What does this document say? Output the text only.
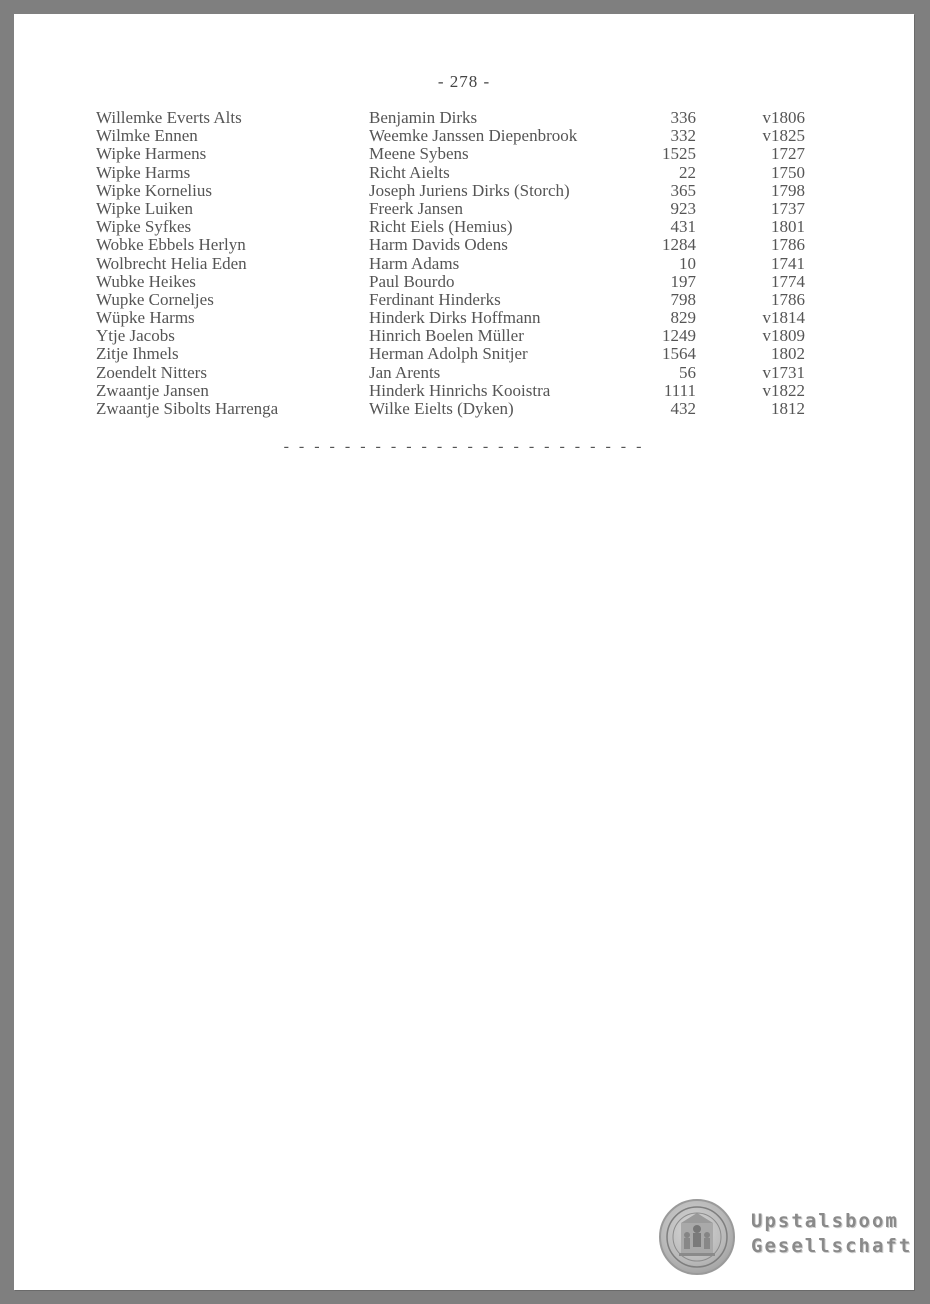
- 278 -
Willemke Everts Alts	Benjamin Dirks	336	v1806
Wilmke Ennen	Weemke Janssen Diepenbrook	332	v1825
Wipke Harmens	Meene Sybens	1525	1727
Wipke Harms	Richt Aielts	22	1750
Wipke Kornelius	Joseph Juriens Dirks (Storch)	365	1798
Wipke Luiken	Freerk Jansen	923	1737
Wipke Syfkes	Richt Eiels (Hemius)	431	1801
Wobke Ebbels Herlyn	Harm Davids Odens	1284	1786
Wolbrecht Helia Eden	Harm Adams	10	1741
Wubke Heikes	Paul Bourdo	197	1774
Wupke Corneljes	Ferdinant Hinderks	798	1786
Wüpke Harms	Hinderk Dirks Hoffmann	829	v1814
Ytje Jacobs	Hinrich Boelen Müller	1249	v1809
Zitje Ihmels	Herman Adolph Snitjer	1564	1802
Zoendelt Nitters	Jan Arents	56	v1731
Zwaantje Jansen	Hinderk Hinrichs Kooistra	1111	v1822
Zwaantje Sibolts Harrenga	Wilke Eielts (Dyken)	432	1812
- - - - - - - - - - - - - - - - - - - - - - - -
Upstalsboom
Gesellschaft
